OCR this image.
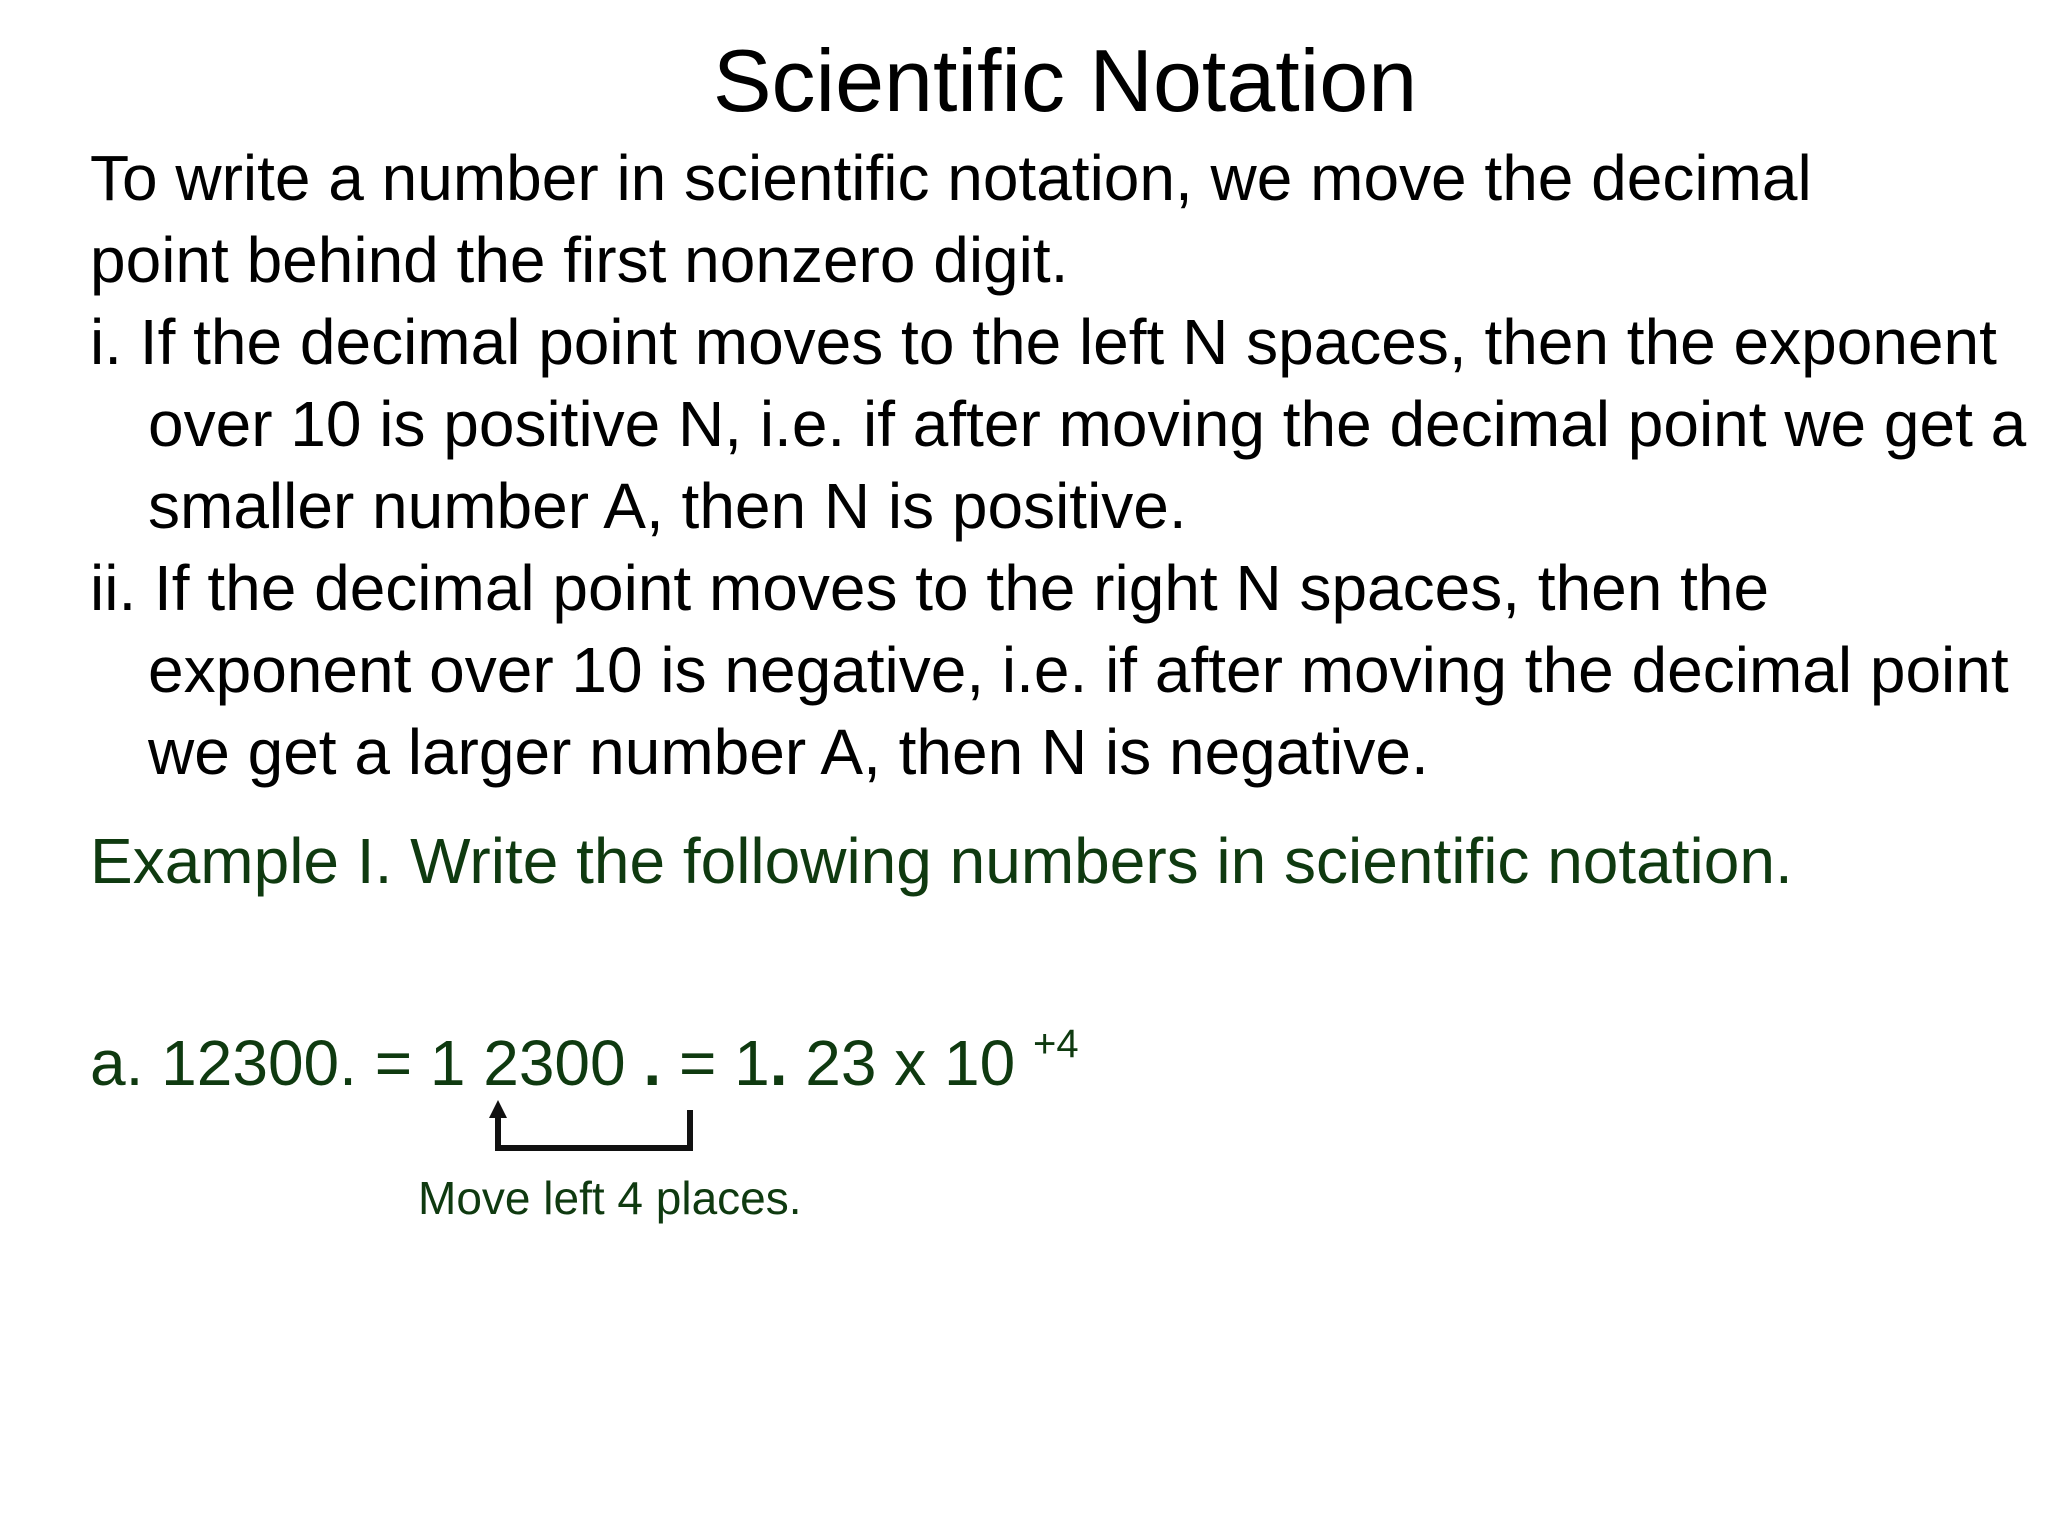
Scientific Notation

To write a number in scientific notation, we move the decimal

point behind the first nonzero digit.

i. If the decimal point moves to the left N spaces, then the exponent over 10 is positive N, i.e. if after moving the decimal point we get a smaller number A, then N is positive.

ii. If the decimal point moves to the right N spaces, then the exponent over 10 is negative, i.e. if after moving the decimal point we get a larger number A, then N is negative.

Example I. Write the following numbers in scientific notation.

a. 12300. = 1 2300 . = 1. 23 x 10 $^{+4}$

Move left 4 places.
